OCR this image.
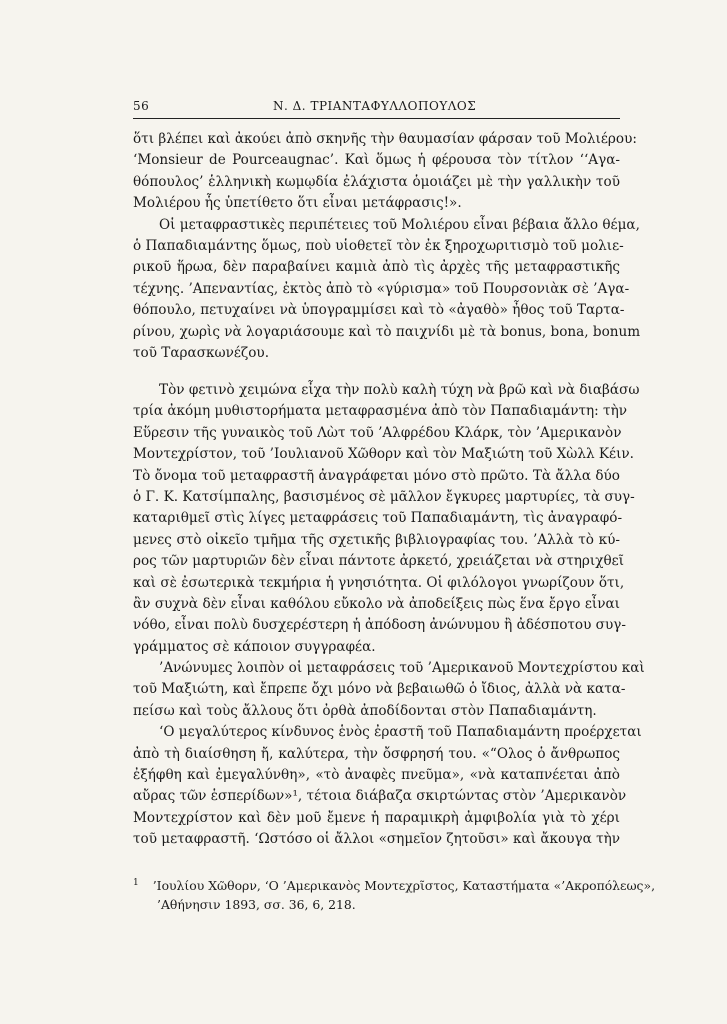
56	Ν. Δ. ΤΡΙΑΝΤΑΦΥΛΛΟΠΟΥΛΟΣ
ὅτι βλέπει καὶ ἀκούει ἀπὸ σκηνῆς τὴν θαυμασίαν φάρσαν τοῦ Μολιέρου:
‘Monsieur de Pourceaugnac’. Καὶ ὅμως ἡ φέρουσα τὸν τίτλον ‘‘Αγα-
θόπουλος’ ἑλληνικὴ κωμῳδία ἐλάχιστα ὁμοιάζει μὲ τὴν γαλλικὴν τοῦ
Μολιέρου ἧς ὑπετίθετο ὅτι εἶναι μετάφρασις!».
Οἱ μεταφραστικὲς περιπέτειες τοῦ Μολιέρου εἶναι βέβαια ἄλλο θέμα,
ὁ Παπαδιαμάντης ὅμως, ποὺ υἱοθετεῖ τὸν ἐκ ξηροχωριτισμὸ τοῦ μολιε-
ρικοῦ ἥρωα, δὲν παραβαίνει καμιὰ ἀπὸ τὶς ἀρχὲς τῆς μεταφραστικῆς
τέχνης. ’Απεναντίας, ἐκτὸς ἀπὸ τὸ «γύρισμα» τοῦ Πουρσονιὰκ σὲ ’Αγα-
θόπουλο, πετυχαίνει νὰ ὑπογραμμίσει καὶ τὸ «ἀγαθὸ» ἦθος τοῦ Ταρτα-
ρίνου, χωρὶς νὰ λογαριάσουμε καὶ τὸ παιχνίδι μὲ τὰ bonus, bona, bonum
τοῦ Ταρασκωνέζου.
Τὸν φετινὸ χειμώνα εἶχα τὴν πολὺ καλὴ τύχη νὰ βρῶ καὶ νὰ διαβάσω
τρία ἀκόμη μυθιστορήματα μεταφρασμένα ἀπὸ τὸν Παπαδιαμάντη: τὴν
Εὕρεσιν τῆς γυναικὸς τοῦ Λὼτ τοῦ ’Αλφρέδου Κλάρκ, τὸν ’Αμερικανὸν
Μοντεχρίστον, τοῦ ’Ιουλιανοῦ Χῶθορν καὶ τὸν Μαξιώτη τοῦ Χὼλλ Κέιν.
Τὸ ὄνομα τοῦ μεταφραστῆ ἀναγράφεται μόνο στὸ πρῶτο. Τὰ ἄλλα δύο
ὁ Γ. Κ. Κατσίμπαλης, βασισμένος σὲ μᾶλλον ἔγκυρες μαρτυρίες, τὰ συγ-
καταριθμεῖ στὶς λίγες μεταφράσεις τοῦ Παπαδιαμάντη, τὶς ἀναγραφό-
μενες στὸ οἰκεῖο τμῆμα τῆς σχετικῆς βιβλιογραφίας του. ’Αλλὰ τὸ κύ-
ρος τῶν μαρτυριῶν δὲν εἶναι πάντοτε ἀρκετό, χρειάζεται νὰ στηριχθεῖ
καὶ σὲ ἐσωτερικὰ τεκμήρια ἡ γνησιότητα. Οἱ φιλόλογοι γνωρίζουν ὅτι,
ἂν συχνὰ δὲν εἶναι καθόλου εὔκολο νὰ ἀποδείξεις πὼς ἕνα ἔργο εἶναι
νόθο, εἶναι πολὺ δυσχερέστερη ἡ ἀπόδοση ἀνώνυμου ἢ ἀδέσποτου συγ-
γράμματος σὲ κάποιον συγγραφέα.
’Ανώνυμες λοιπὸν οἱ μεταφράσεις τοῦ ’Αμερικανοῦ Μοντεχρίστου καὶ
τοῦ Μαξιώτη, καὶ ἔπρεπε ὄχι μόνο νὰ βεβαιωθῶ ὁ ἴδιος, ἀλλὰ νὰ κατα-
πείσω καὶ τοὺς ἄλλους ὅτι ὀρθὰ ἀποδίδονται στὸν Παπαδιαμάντη.
‘Ο μεγαλύτερος κίνδυνος ἑνὸς ἐραστῆ τοῦ Παπαδιαμάντη προέρχεται
ἀπὸ τὴ διαίσθηση ἤ, καλύτερα, τὴν ὄσφρησή του. «“Ολος ὁ ἄνθρωπος
ἐξήφθη καὶ ἐμεγαλύνθη», «τὸ ἀναφὲς πνεῦμα», «νὰ καταπνέεται ἀπὸ
αὔρας τῶν ἑσπερίδων»¹, τέτοια διάβαζα σκιρτώντας στὸν ’Αμερικανὸν
Μοντεχρίστον καὶ δὲν μοῦ ἔμενε ἡ παραμικρὴ ἀμφιβολία γιὰ τὸ χέρι
τοῦ μεταφραστῆ. ‘Ωστόσο οἱ ἄλλοι «σημεῖον ζητοῦσι» καὶ ἄκουγα τὴν
$^1$ ’Ιουλίου Χῶθορν, ‘Ο ’Αμερικανὸς Μοντεχρῖστος, Καταστήματα «’Ακροπόλεως»,
’Αθήνησιν 1893, σσ. 36, 6, 218.
